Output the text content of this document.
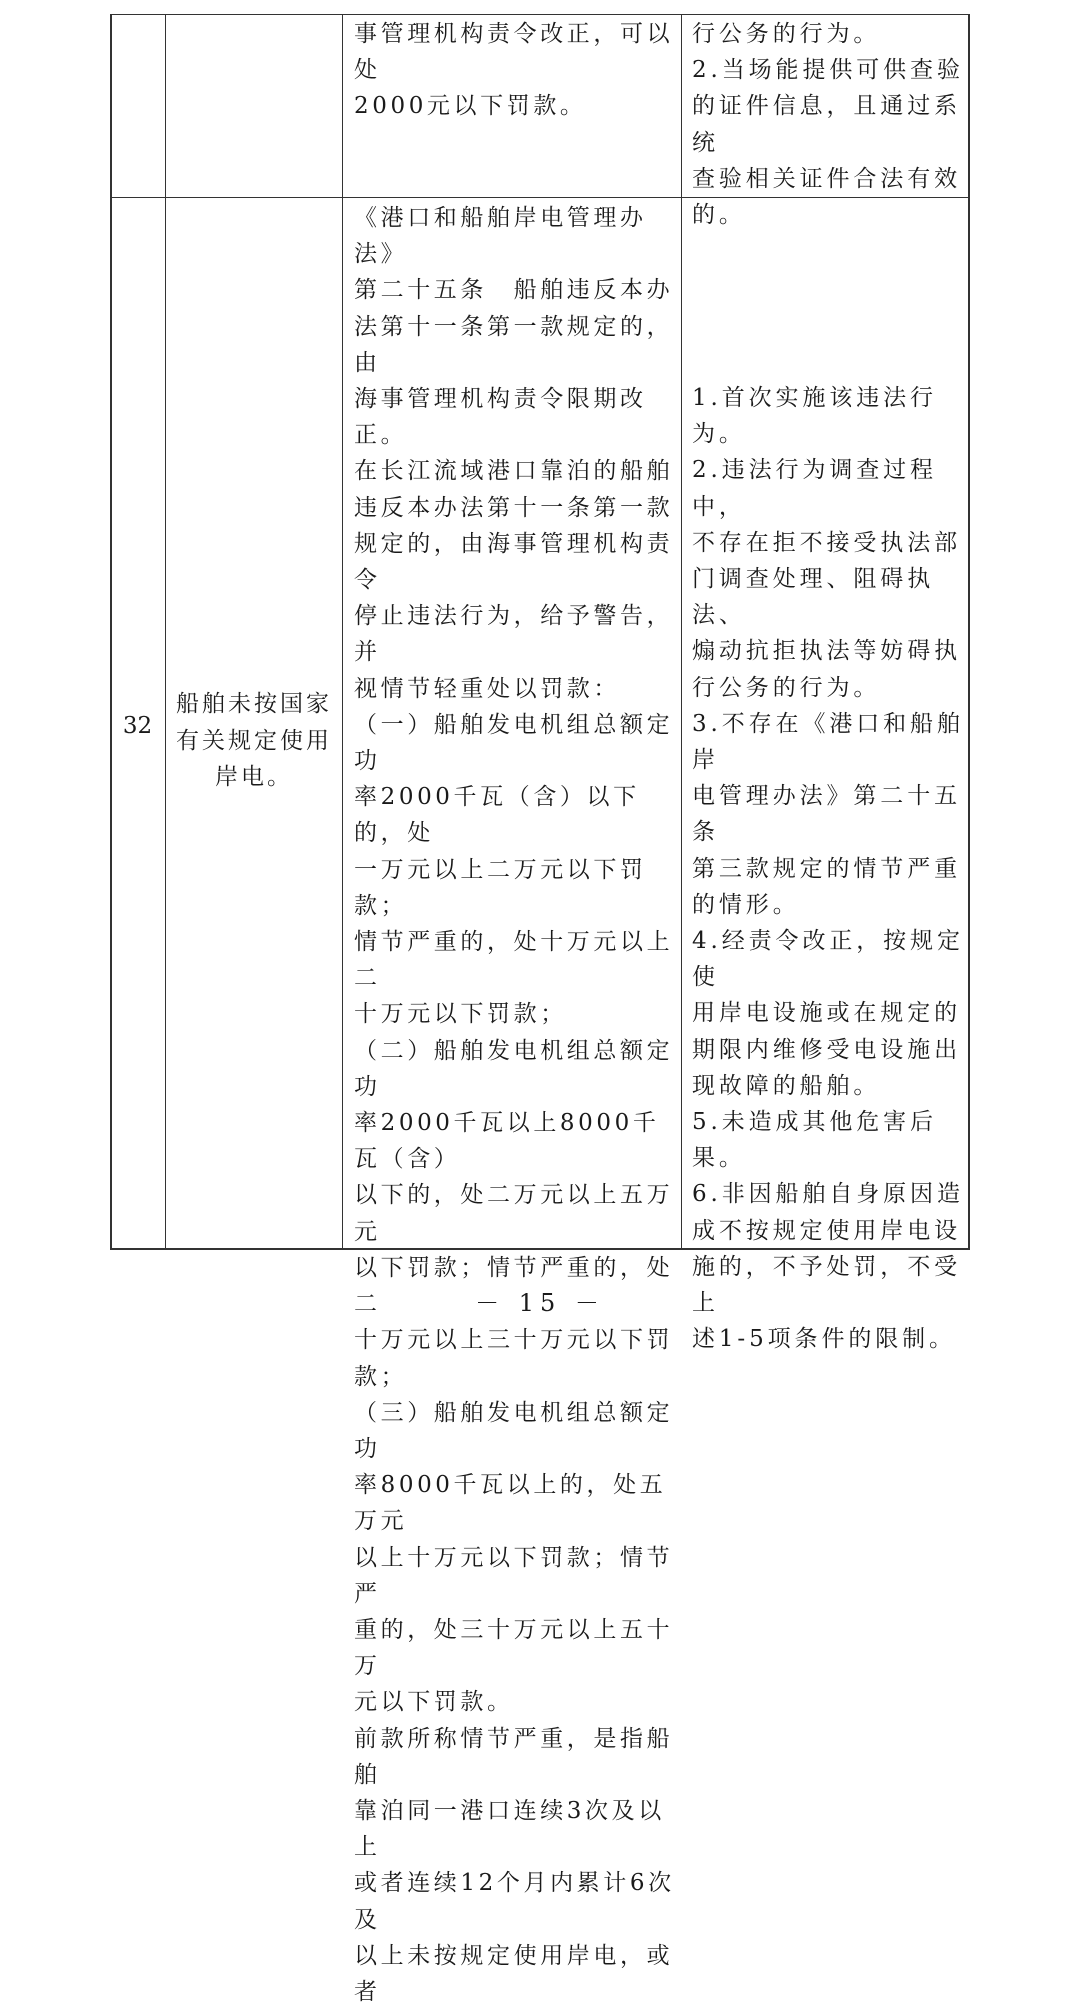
事管理机构责令改正，可以处
2000元以下罚款。

行公务的行为。
2.当场能提供可供查验
的证件信息，且通过系统
查验相关证件合法有效
的。

32

船舶未按国家
有关规定使用
岸电。

《港口和船舶岸电管理办法》
第二十五条　船舶违反本办
法第十一条第一款规定的，由
海事管理机构责令限期改正。
在长江流域港口靠泊的船舶
违反本办法第十一条第一款
规定的，由海事管理机构责令
停止违法行为，给予警告，并
视情节轻重处以罚款：
（一）船舶发电机组总额定功
率2000千瓦（含）以下的，处
一万元以上二万元以下罚款；
情节严重的，处十万元以上二
十万元以下罚款；
（二）船舶发电机组总额定功
率2000千瓦以上8000千瓦（含）
以下的，处二万元以上五万元
以下罚款；情节严重的，处二
十万元以上三十万元以下罚
款；
（三）船舶发电机组总额定功
率8000千瓦以上的，处五万元
以上十万元以下罚款；情节严
重的，处三十万元以上五十万
元以下罚款。
前款所称情节严重，是指船舶
靠泊同一港口连续3次及以上
或者连续12个月内累计6次及
以上未按规定使用岸电，或者

1.首次实施该违法行为。
2.违法行为调查过程中，
不存在拒不接受执法部
门调查处理、阻碍执法、
煽动抗拒执法等妨碍执
行公务的行为。
3.不存在《港口和船舶岸
电管理办法》第二十五条
第三款规定的情节严重
的情形。
4.经责令改正，按规定使
用岸电设施或在规定的
期限内维修受电设施出
现故障的船舶。
5.未造成其他危害后果。
6.非因船舶自身原因造
成不按规定使用岸电设
施的，不予处罚，不受上
述1-5项条件的限制。

－ 15 －
